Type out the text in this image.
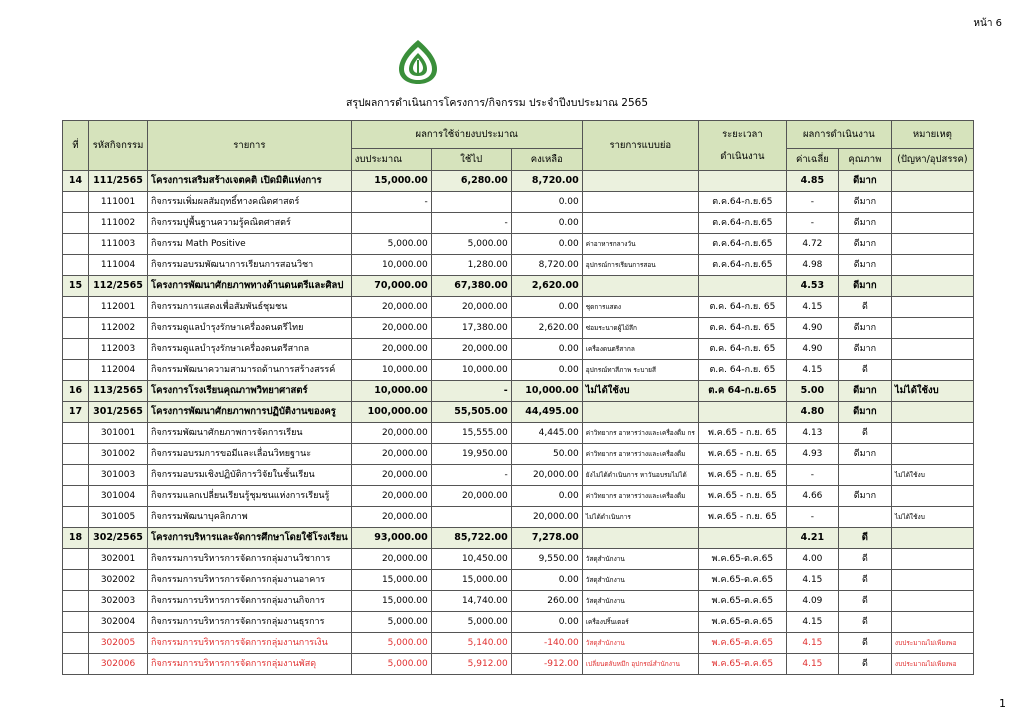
หน้า 6
สรุปผลการดำเนินการโครงการ/กิจกรรม ประจำปีงบประมาณ 2565
ที่	รหัสกิจกรรม	รายการ	ผลการใช้จ่ายงบประมาณ			รายการแบบย่อ	ระยะเวลา
ดำเนินงาน	ผลการดำเนินงาน		หมายเหตุ
			งบประมาณ	ใช้ไป	คงเหลือ			ค่าเฉลี่ย	คุณภาพ	(ปัญหา/อุปสรรค)
14	111/2565	โครงการเสริมสร้างเจตคติ เปิดมิติแห่งการ	15,000.00	6,280.00	8,720.00			4.85	ดีมาก	
	111001	กิจกรรมเพิ่มผลสัมฤทธิ์ทางคณิตศาสตร์	-		0.00		ต.ค.64-ก.ย.65	-	ดีมาก	
	111002	กิจกรรมปูพื้นฐานความรู้คณิตศาสตร์		-	0.00		ต.ค.64-ก.ย.65	-	ดีมาก	
	111003	กิจกรรม Math Positive	5,000.00	5,000.00	0.00	ค่าอาหารกลางวัน	ต.ค.64-ก.ย.65	4.72	ดีมาก	
	111004	กิจกรรมอบรมพัฒนาการเรียนการสอนวิชา	10,000.00	1,280.00	8,720.00	อุปกรณ์การเรียนการสอน	ต.ค.64-ก.ย.65	4.98	ดีมาก	
15	112/2565	โครงการพัฒนาศักยภาพทางด้านดนตรีและศิลป	70,000.00	67,380.00	2,620.00			4.53	ดีมาก	
	112001	กิจกรรมการแสดงเพื่อสัมพันธ์ชุมชน	20,000.00	20,000.00	0.00	ชุดการแสดง	ต.ค. 64-ก.ย. 65	4.15	ดี	
	112002	กิจกรรมดูแลบำรุงรักษาเครื่องดนตรีไทย	20,000.00	17,380.00	2,620.00	ซ่อมระนาดผู้ไม้ลึก	ต.ค. 64-ก.ย. 65	4.90	ดีมาก	
	112003	กิจกรรมดูแลบำรุงรักษาเครื่องดนตรีสากล	20,000.00	20,000.00	0.00	เครื่องดนตรีสากล	ต.ค. 64-ก.ย. 65	4.90	ดีมาก	
	112004	กิจกรรมพัฒนาความสามารถด้านการสร้างสรรค์	10,000.00	10,000.00	0.00	อุปกรณ์ทาสีภาพ ระบายสี	ต.ค. 64-ก.ย. 65	4.15	ดี	
16	113/2565	โครงการโรงเรียนคุณภาพวิทยาศาสตร์	10,000.00	-	10,000.00	ไม่ได้ใช้งบ	ต.ค 64-ก.ย.65	5.00	ดีมาก	ไม่ได้ใช้งบ
17	301/2565	โครงการพัฒนาศักยภาพการปฏิบัติงานของครู	100,000.00	55,505.00	44,495.00			4.80	ดีมาก	
	301001	กิจกรรมพัฒนาศักยภาพการจัดการเรียน	20,000.00	15,555.00	4,445.00	ค่าวิทยากร อาหารว่างและเครื่องดื่ม กร	พ.ค.65 - ก.ย. 65	4.13	ดี	
	301002	กิจกรรมอบรมการขอมีและเลื่อนวิทยฐานะ	20,000.00	19,950.00	50.00	ค่าวิทยากร อาหารว่างและเครื่องดื่ม	พ.ค.65 - ก.ย. 65	4.93	ดีมาก	
	301003	กิจกรรมอบรมเชิงปฏิบัติการวิจัยในชั้นเรียน	20,000.00	-	20,000.00	ยังไม่ได้ดำเนินการ หาวันอบรมไม่ได้	พ.ค.65 - ก.ย. 65	-		ไม่ได้ใช้งบ
	301004	กิจกรรมแลกเปลี่ยนเรียนรู้ชุมชนแห่งการเรียนรู้	20,000.00	20,000.00	0.00	ค่าวิทยากร อาหารว่างและเครื่องดื่ม	พ.ค.65 - ก.ย. 65	4.66	ดีมาก	
	301005	กิจกรรมพัฒนาบุคลิกภาพ	20,000.00		20,000.00	ไม่ได้ดำเนินการ	พ.ค.65 - ก.ย. 65	-		ไม่ได้ใช้งบ
18	302/2565	โครงการบริหารและจัดการศึกษาโดยใช้โรงเรียน	93,000.00	85,722.00	7,278.00			4.21	ดี	
	302001	กิจกรรมการบริหารการจัดการกลุ่มงานวิชาการ	20,000.00	10,450.00	9,550.00	วัสดุสำนักงาน	พ.ค.65-ต.ค.65	4.00	ดี	
	302002	กิจกรรมการบริหารการจัดการกลุ่มงานอาคาร	15,000.00	15,000.00	0.00	วัสดุสำนักงาน	พ.ค.65-ต.ค.65	4.15	ดี	
	302003	กิจกรรมการบริหารการจัดการกลุ่มงานกิจการ	15,000.00	14,740.00	260.00	วัสดุสำนักงาน	พ.ค.65-ต.ค.65	4.09	ดี	
	302004	กิจกรรมการบริหารการจัดการกลุ่มงานธุรการ	5,000.00	5,000.00	0.00	เครื่องปริ้นเตอร์	พ.ค.65-ต.ค.65	4.15	ดี	
	302005	กิจกรรมการบริหารการจัดการกลุ่มงานการเงิน	5,000.00	5,140.00	-140.00	วัสดุสำนักงาน	พ.ค.65-ต.ค.65	4.15	ดี	งบประมาณไม่เพียงพอ
	302006	กิจกรรมการบริหารการจัดการกลุ่มงานพัสดุ	5,000.00	5,912.00	-912.00	เปลี่ยนตลับหมึก อุปกรณ์สำนักงาน	พ.ค.65-ต.ค.65	4.15	ดี	งบประมาณไม่เพียงพอ
1
